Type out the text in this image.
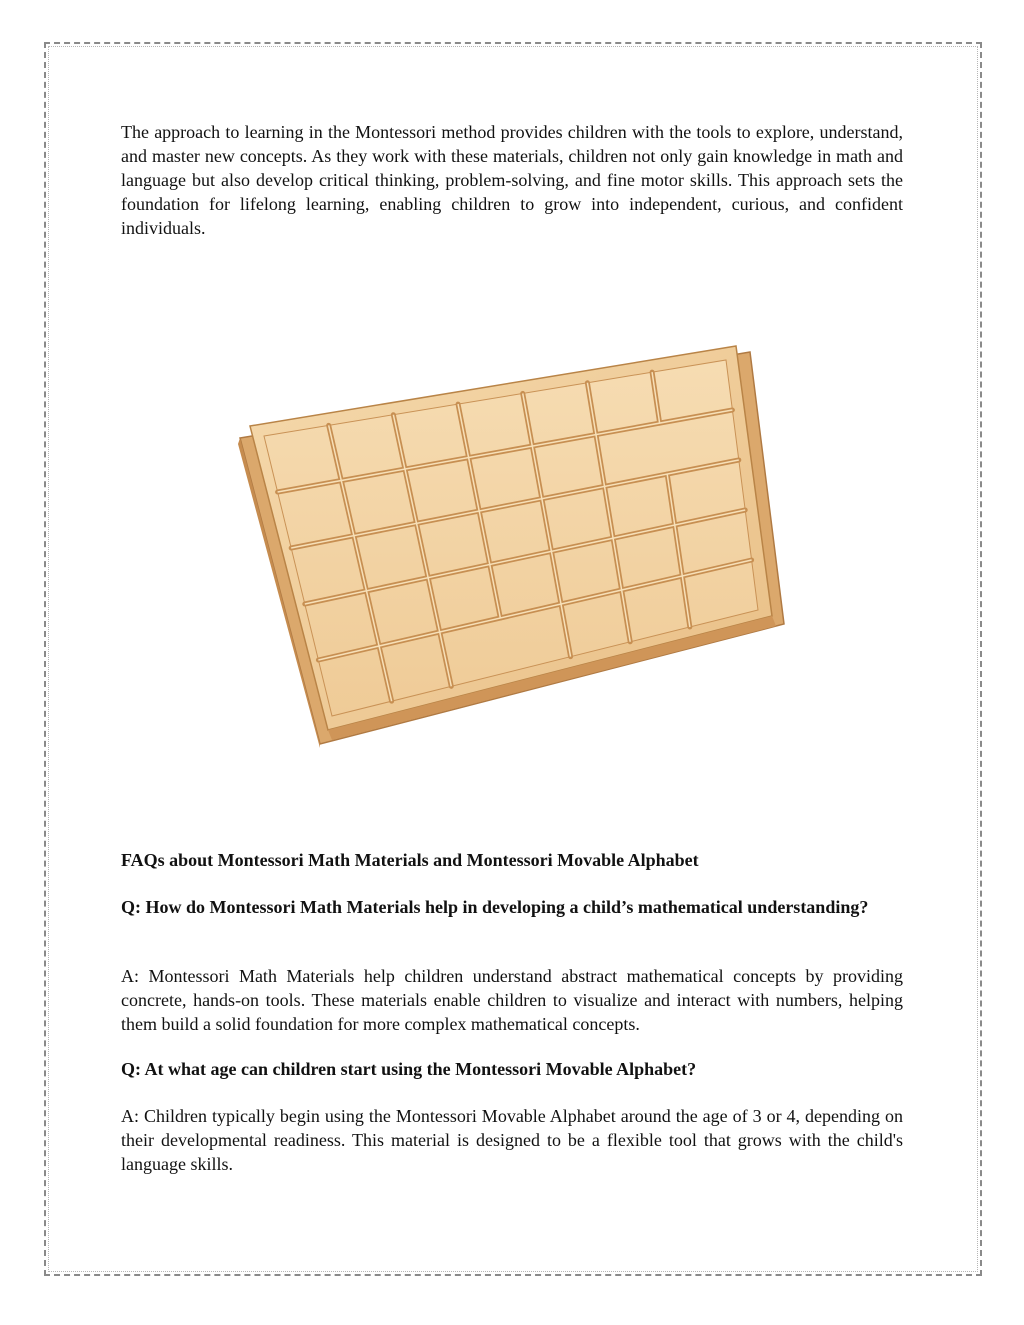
The approach to learning in the Montessori method provides children with the tools to explore, understand, and master new concepts. As they work with these materials, children not only gain knowledge in math and language but also develop critical thinking, problem-solving, and fine motor skills. This approach sets the foundation for lifelong learning, enabling children to grow into independent, curious, and confident individuals.

FAQs about Montessori Math Materials and Montessori Movable Alphabet

Q: How do Montessori Math Materials help in developing a child’s mathematical understanding?

A: Montessori Math Materials help children understand abstract mathematical concepts by providing concrete, hands-on tools. These materials enable children to visualize and interact with numbers, helping them build a solid foundation for more complex mathematical concepts.

Q: At what age can children start using the Montessori Movable Alphabet?

A: Children typically begin using the Montessori Movable Alphabet around the age of 3 or 4, depending on their developmental readiness. This material is designed to be a flexible tool that grows with the child's language skills.
